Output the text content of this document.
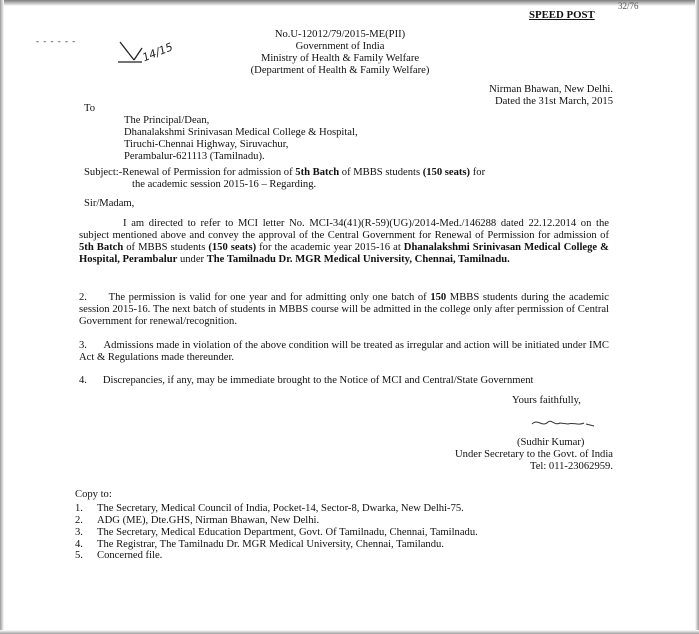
32/76
SPEED POST
- - - - - -	14/15
No.U-12012/79/2015-ME(PII)
Government of India
Ministry of Health & Family Welfare
(Department of Health & Family Welfare)
Nirman Bhawan, New Delhi.
Dated the 31st March, 2015
To
The Principal/Dean,
Dhanalakshmi Srinivasan Medical College & Hospital,
Tiruchi-Chennai Highway, Siruvachur,
Perambalur-621113 (Tamilnadu).
Subject:-Renewal of Permission for admission of 5th Batch of MBBS students (150 seats) for
the academic session 2015-16 – Regarding.
Sir/Madam,

I am directed to refer to MCI letter No. MCI-34(41)(R-59)(UG)/2014-Med./146288 dated 22.12.2014 on the subject mentioned above and convey the approval of the Central Government for Renewal of Permission for admission of 5th Batch of MBBS students (150 seats) for the academic year 2015-16 at Dhanalakshmi Srinivasan Medical College & Hospital, Perambalur under The Tamilnadu Dr. MGR Medical University, Chennai, Tamilnadu.

2. The permission is valid for one year and for admitting only one batch of 150 MBBS students during the academic session 2015-16. The next batch of students in MBBS course will be admitted in the college only after permission of Central Government for renewal/recognition.

3. Admissions made in violation of the above condition will be treated as irregular and action will be initiated under IMC Act & Regulations made thereunder.

4. Discrepancies, if any, may be immediate brought to the Notice of MCI and Central/State Government

Yours faithfully,
(Sudhir Kumar)
Under Secretary to the Govt. of India
Tel: 011-23062959.
Copy to:
1.	The Secretary, Medical Council of India, Pocket-14, Sector-8, Dwarka, New Delhi-75.
2.	ADG (ME), Dte.GHS, Nirman Bhawan, New Delhi.
3.	The Secretary, Medical Education Department, Govt. Of Tamilnadu, Chennai, Tamilnadu.
4.	The Registrar, The Tamilnadu Dr. MGR Medical University, Chennai, Tamilandu.
5.	Concerned file.
